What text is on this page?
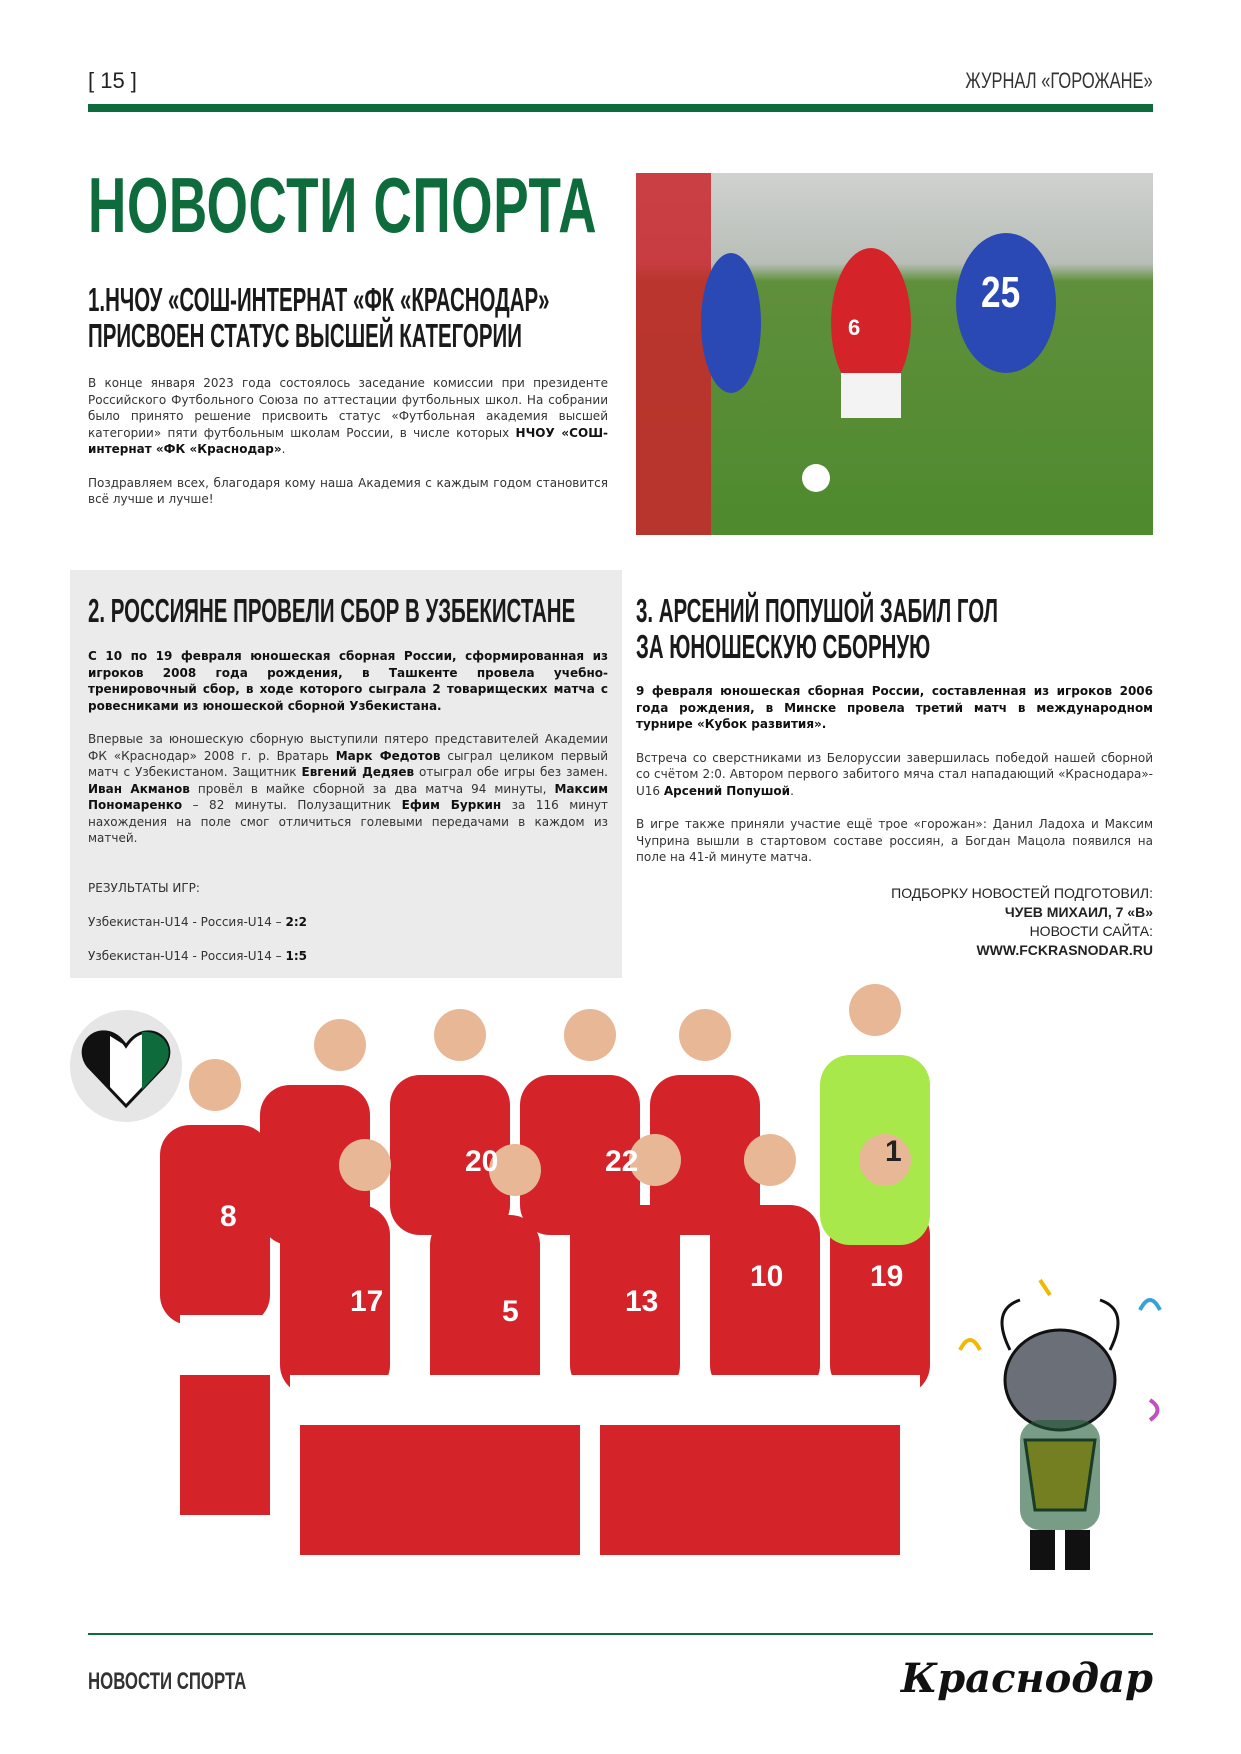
[ 15 ]	ЖУРНАЛ «ГОРОЖАНЕ»
НОВОСТИ СПОРТА
1.НЧОУ «СОШ-ИНТЕРНАТ «ФК «КРАСНОДАР»
ПРИСВОЕН СТАТУС ВЫСШЕЙ КАТЕГОРИИ

В конце января 2023 года состоялось заседание комиссии при президенте Российского Футбольного Союза по аттестации футбольных школ. На собрании было принято решение присвоить статус «Футбольная академия высшей категории» пяти футбольным школам России, в числе которых НЧОУ «СОШ-интернат «ФК «Краснодар».

Поздравляем всех, благодаря кому наша Академия с каждым годом становится всё лучше и лучше!

6
25
2. РОССИЯНЕ ПРОВЕЛИ СБОР В УЗБЕКИСТАНЕ

С 10 по 19 февраля юношеская сборная России, сформированная из игроков 2008 года рождения, в Ташкенте провела учебно-тренировочный сбор, в ходе которого сыграла 2 товарищеских матча с ровесниками из юношеской сборной Узбекистана.

Впервые за юношескую сборную выступили пятеро представителей Академии ФК «Краснодар» 2008 г. р. Вратарь Марк Федотов сыграл целиком первый матч с Узбекистаном. Защитник Евгений Дедяев отыграл обе игры без замен. Иван Акманов провёл в майке сборной за два матча 94 минуты, Максим Пономаренко – 82 минуты. Полузащитник Ефим Буркин за 116 минут нахождения на поле смог отличиться голевыми передачами в каждом из матчей.

РЕЗУЛЬТАТЫ ИГР:
Узбекистан-U14 - Россия-U14 – 2:2
Узбекистан-U14 - Россия-U14 – 1:5
3. АРСЕНИЙ ПОПУШОЙ ЗАБИЛ ГОЛ
ЗА ЮНОШЕСКУЮ СБОРНУЮ

9 февраля юношеская сборная России, составленная из игроков 2006 года рождения, в Минске провела третий матч в международном турнире «Кубок развития».

Встреча со сверстниками из Белоруссии завершилась победой нашей сборной со счётом 2:0. Автором первого забитого мяча стал нападающий «Краснодара»-U16 Арсений Попушой.

В игре также приняли участие ещё трое «горожан»: Данил Ладоха и Максим Чуприна вышли в стартовом составе россиян, а Богдан Мацола появился на поле на 41-й минуте матча.

ПОДБОРКУ НОВОСТЕЙ ПОДГОТОВИЛ:
ЧУЕВ МИХАИЛ, 7 «В»
НОВОСТИ САЙТА:
WWW.FCKRASNODAR.RU
8
20	22	1
17	5	13
10	19
НОВОСТИ СПОРТА	Краснодар
